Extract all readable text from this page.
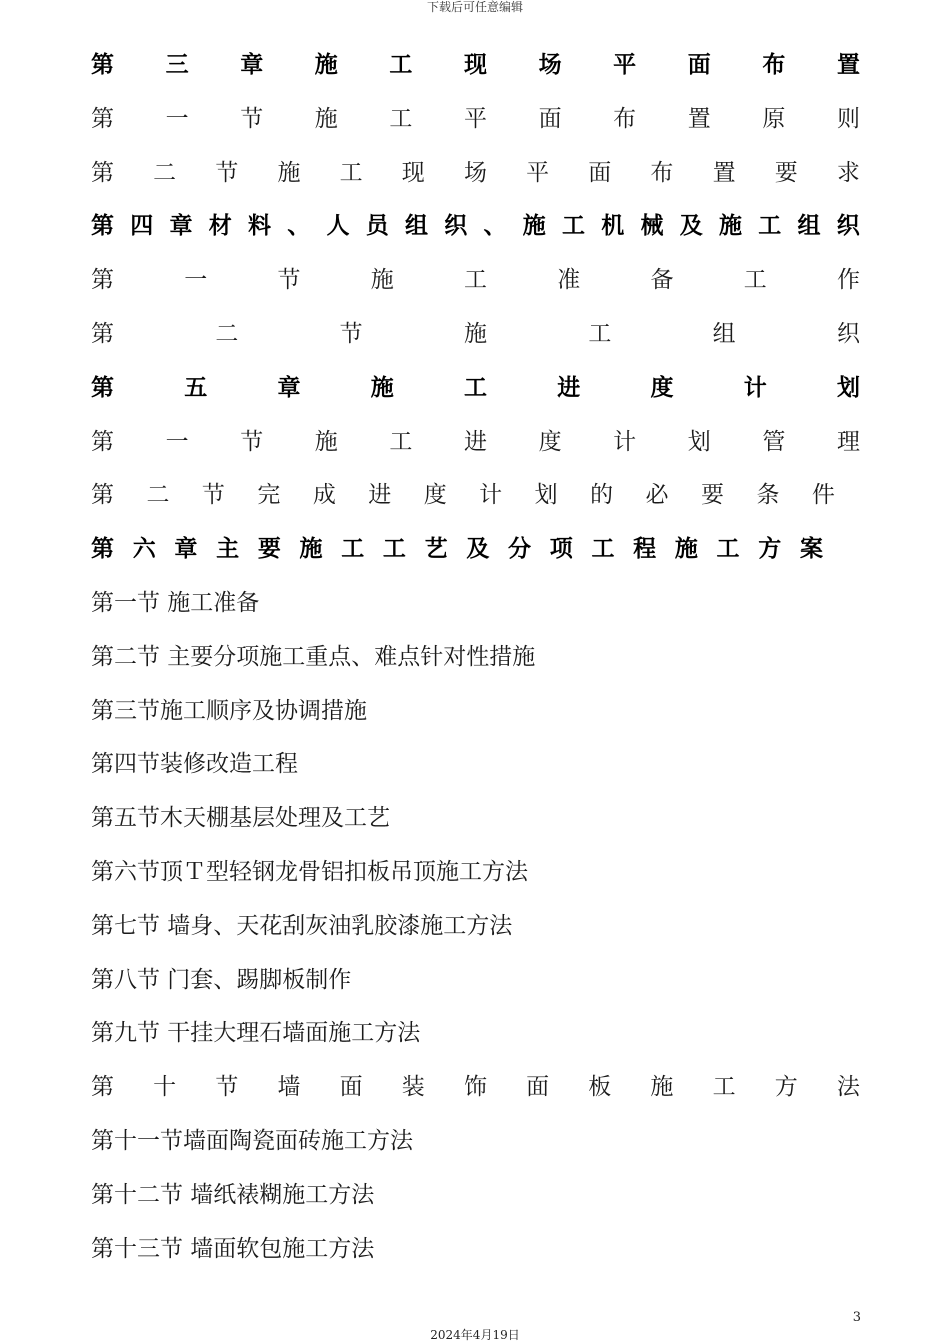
下载后可任意编辑
第 三 章 施 工 现 场 平 面 布 置
第 一 节 施 工 平 面 布 置 原 则
第 二 节 施 工 现 场 平 面 布 置 要 求
第 四 章 材 料 、 人 员 组 织 、 施 工 机 械 及 施 工 组 织
第	一	节	施	工	准	备	工	作
第	二	节	施	工	组	织
第	五	章	施	工	进	度	计	划
第 一 节 施 工 进 度 计 划 管 理
第 二 节 完 成 进 度 计 划 的 必 要 条 件
第 六 章 主 要 施 工 工 艺 及 分 项 工 程 施 工 方 案
第一节 施工准备
第二节 主要分项施工重点、难点针对性措施
第三节施工顺序及协调措施
第四节装修改造工程
第五节木天棚基层处理及工艺
第六节顶Ｔ型轻钢龙骨铝扣板吊顶施工方法
第七节 墙身、天花刮灰油乳胶漆施工方法
第八节 门套、踢脚板制作
第九节 干挂大理石墙面施工方法
第 十 节 墙 面 装 饰 面 板 施 工 方 法
第十一节墙面陶瓷面砖施工方法
第十二节 墙纸裱糊施工方法
第十三节 墙面软包施工方法
3
2024年4月19日
